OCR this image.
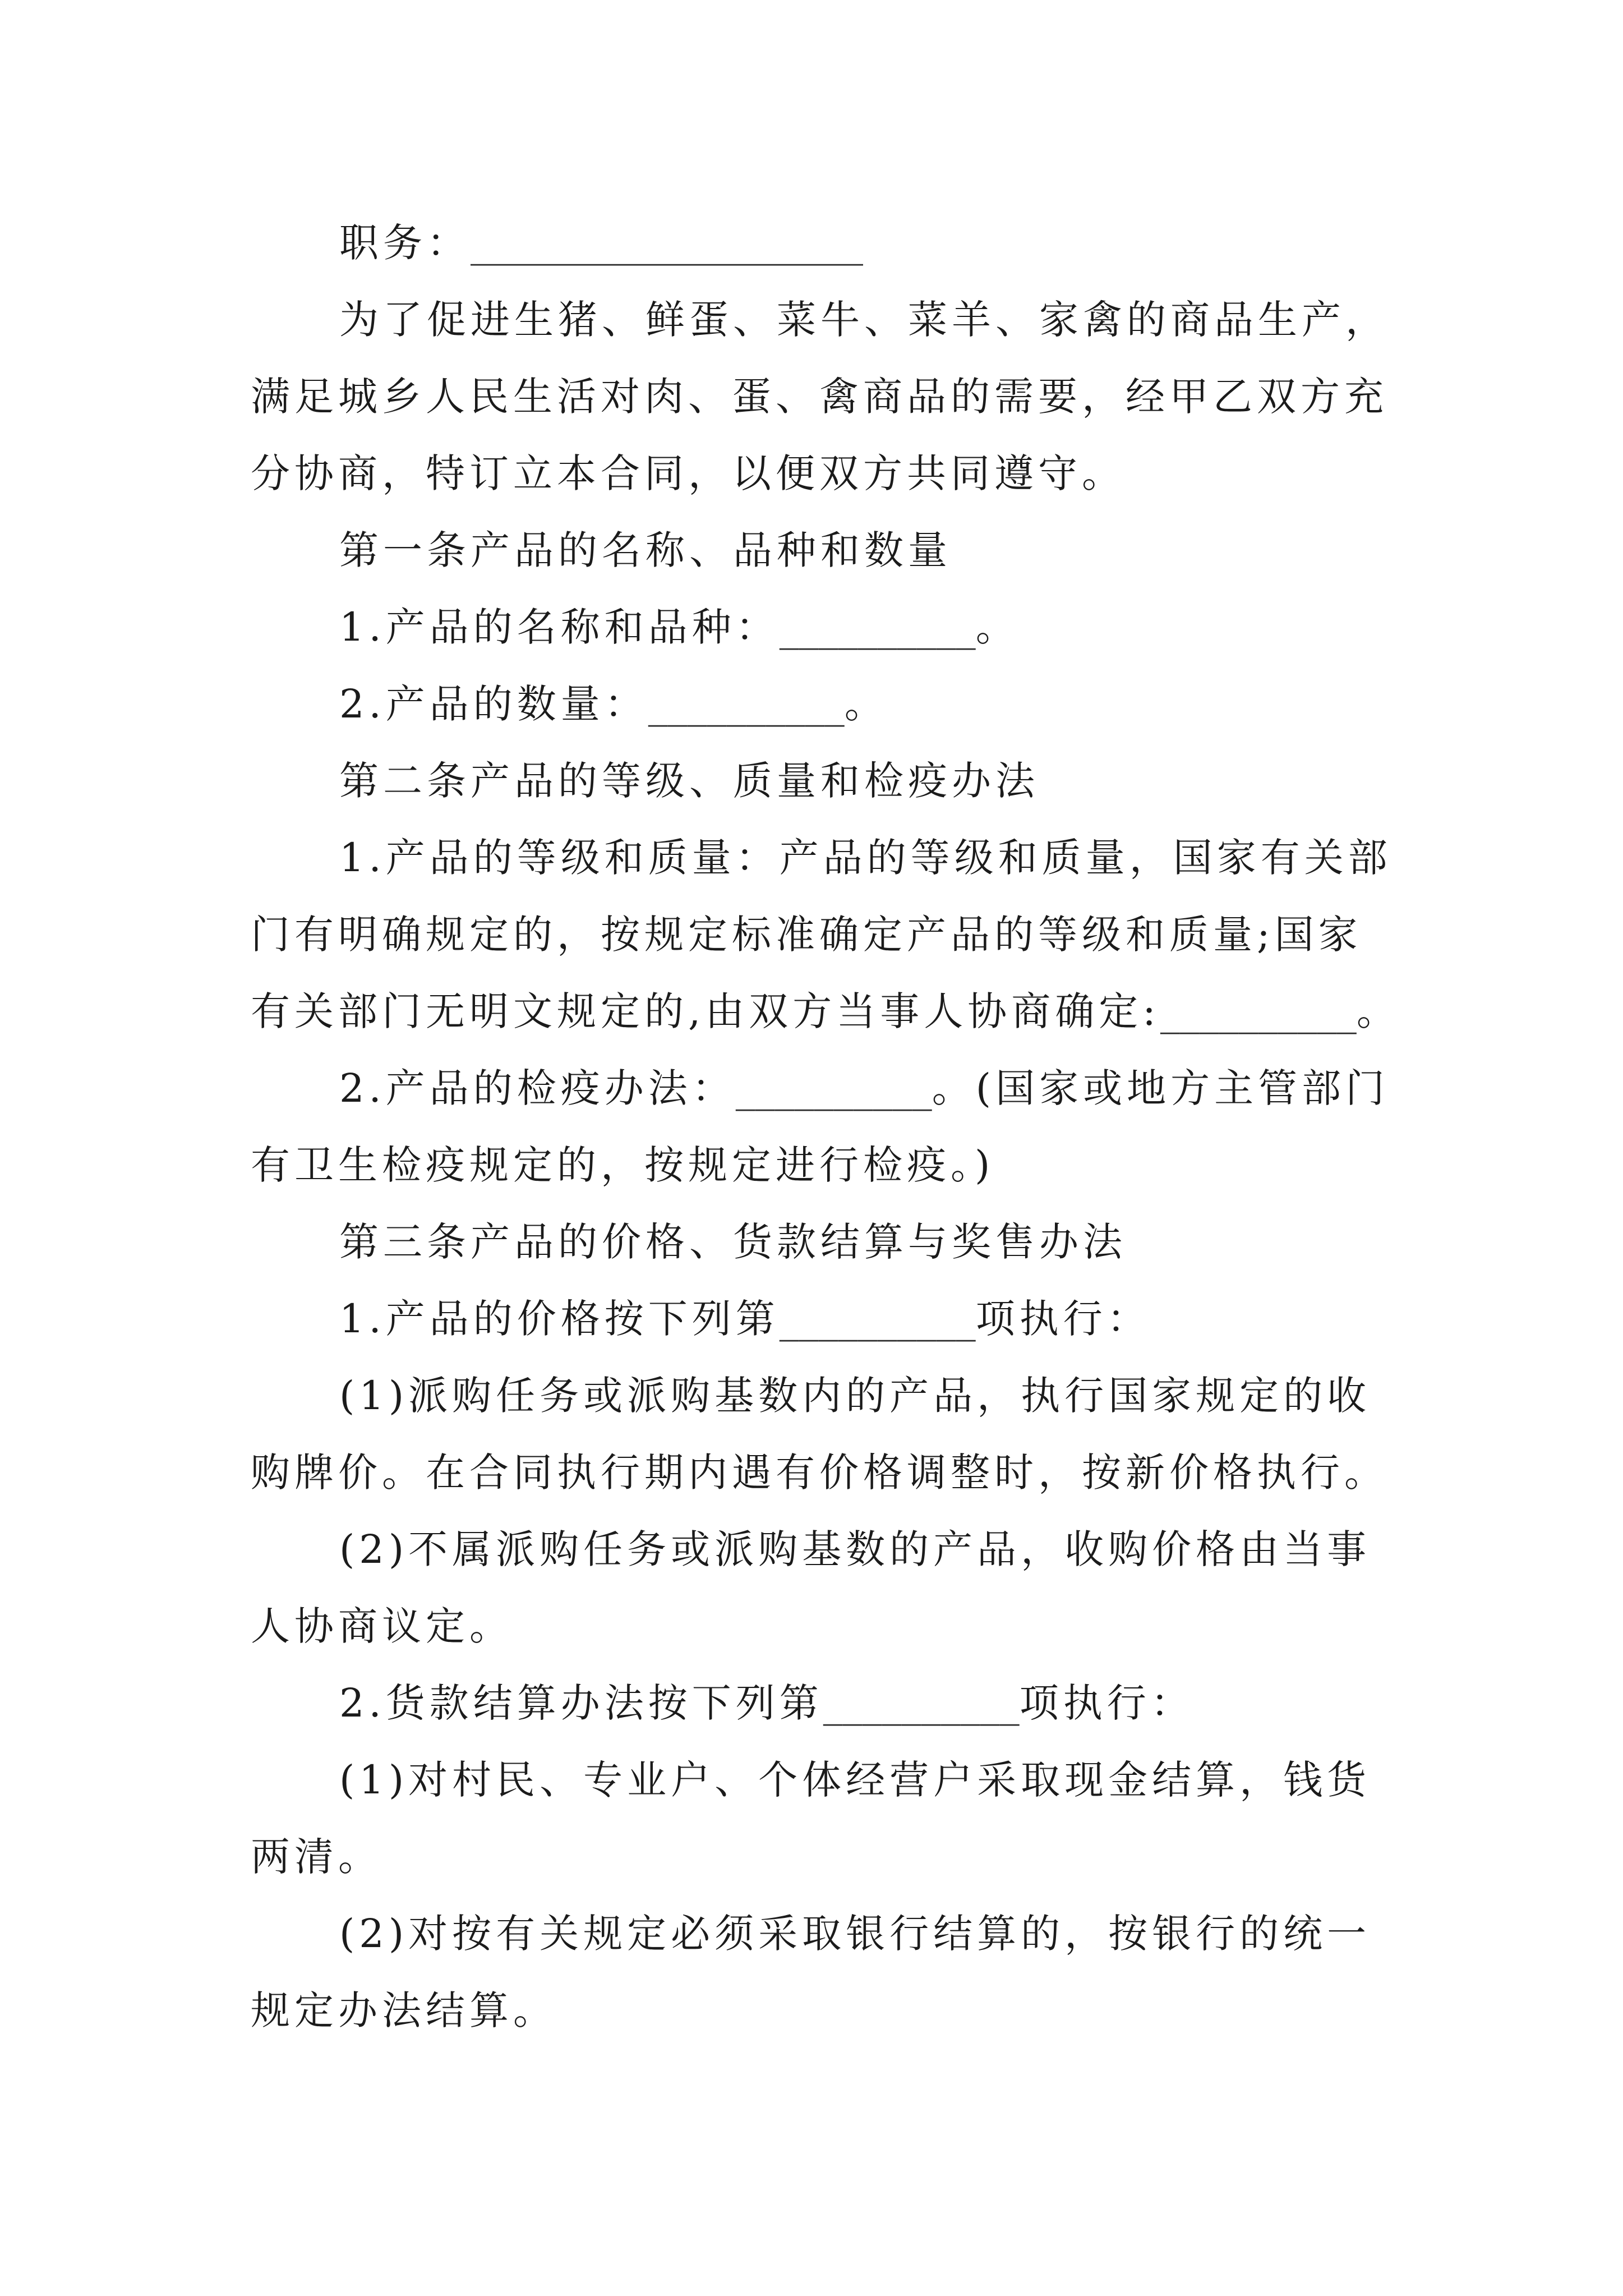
职务：____________________
为了促进生猪、鲜蛋、菜牛、菜羊、家禽的商品生产，
满足城乡人民生活对肉、蛋、禽商品的需要，经甲乙双方充
分协商，特订立本合同，以便双方共同遵守。
第一条产品的名称、品种和数量
1.产品的名称和品种：__________。
2.产品的数量：__________。
第二条产品的等级、质量和检疫办法
1.产品的等级和质量：产品的等级和质量，国家有关部
门有明确规定的，按规定标准确定产品的等级和质量;国家
有关部门无明文规定的,由双方当事人协商确定:__________。
2.产品的检疫办法：__________。(国家或地方主管部门
有卫生检疫规定的，按规定进行检疫。)
第三条产品的价格、货款结算与奖售办法
1.产品的价格按下列第__________项执行：
(1)派购任务或派购基数内的产品，执行国家规定的收
购牌价。在合同执行期内遇有价格调整时，按新价格执行。
(2)不属派购任务或派购基数的产品，收购价格由当事
人协商议定。
2.货款结算办法按下列第__________项执行：
(1)对村民、专业户、个体经营户采取现金结算，钱货
两清。
(2)对按有关规定必须采取银行结算的，按银行的统一
规定办法结算。
